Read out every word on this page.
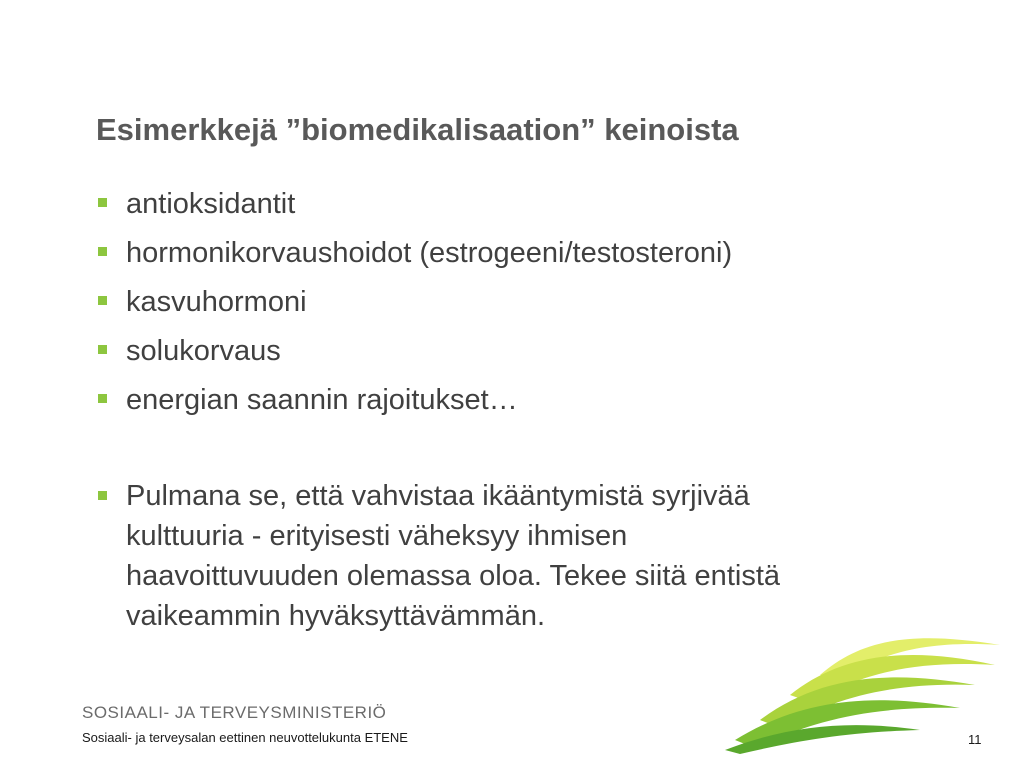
Esimerkkejä ”biomedikalisaation” keinoista
antioksidantit
hormonikorvaushoidot (estrogeeni/testosteroni)
kasvuhormoni
solukorvaus
energian saannin rajoitukset…
Pulmana se, että vahvistaa ikääntymistä syrjivää
kulttuuria - erityisesti väheksyy ihmisen
haavoittuvuuden olemassa oloa. Tekee siitä entistä
vaikeammin hyväksyttävämmän.
SOSIAALI- JA TERVEYSMINISTERIÖ
Sosiaali- ja terveysalan eettinen neuvottelukunta ETENE	11
